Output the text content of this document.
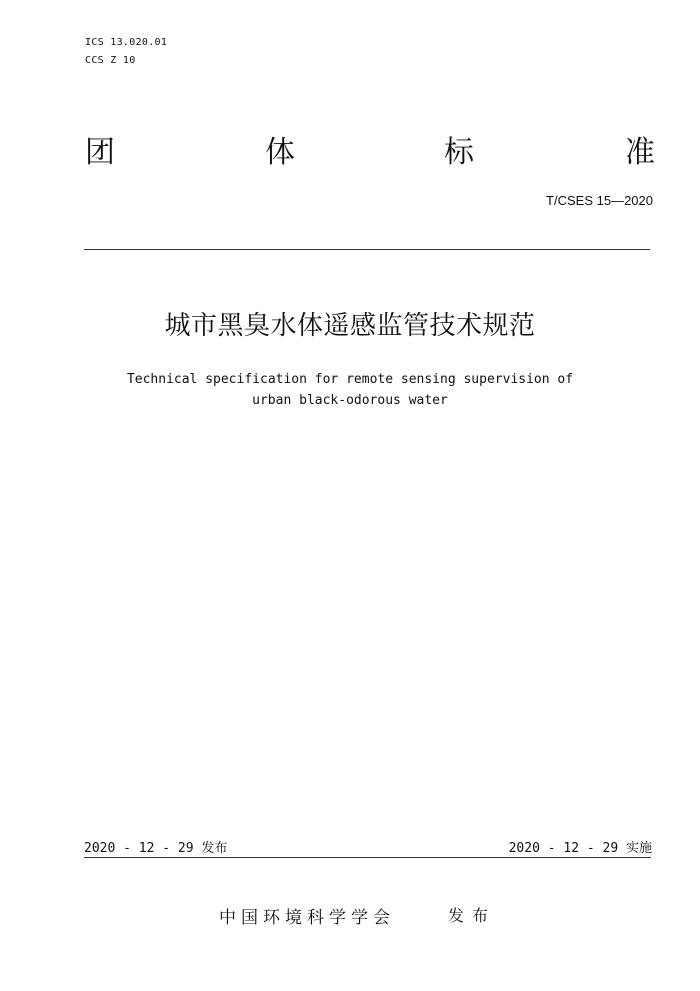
ICS 13.020.01
CCS Z 10
团	体	标	准
T/CSES 15—2020
城市黑臭水体遥感监管技术规范
Technical specification for remote sensing supervision of
urban black-odorous water
2020 - 12 - 29 发布	2020 - 12 - 29 实施
中国环境科学学会	发布
